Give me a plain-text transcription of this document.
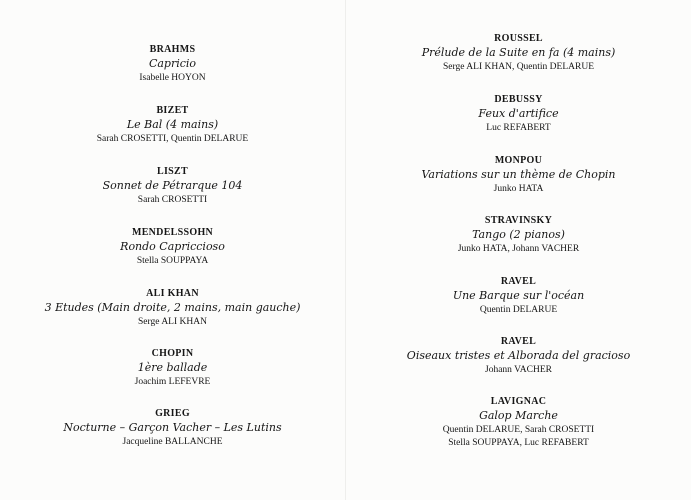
BRAHMS
Capricio
Isabelle HOYON
BIZET
Le Bal (4 mains)
Sarah CROSETTI, Quentin DELARUE
LISZT
Sonnet de Pétrarque 104
Sarah CROSETTI
MENDELSSOHN
Rondo Capriccioso
Stella SOUPPAYA
ALI KHAN
3 Etudes (Main droite, 2 mains, main gauche)
Serge ALI KHAN
CHOPIN
1ère ballade
Joachim LEFEVRE
GRIEG
Nocturne – Garçon Vacher – Les Lutins
Jacqueline BALLANCHE
ROUSSEL
Prélude de la Suite en fa (4 mains)
Serge ALI KHAN, Quentin DELARUE
DEBUSSY
Feux d'artifice
Luc REFABERT
MONPOU
Variations sur un thème de Chopin
Junko HATA
STRAVINSKY
Tango (2 pianos)
Junko HATA, Johann VACHER
RAVEL
Une Barque sur l'océan
Quentin DELARUE
RAVEL
Oiseaux tristes et Alborada del gracioso
Johann VACHER
LAVIGNAC
Galop Marche
Quentin DELARUE, Sarah CROSETTI
Stella SOUPPAYA, Luc REFABERT
